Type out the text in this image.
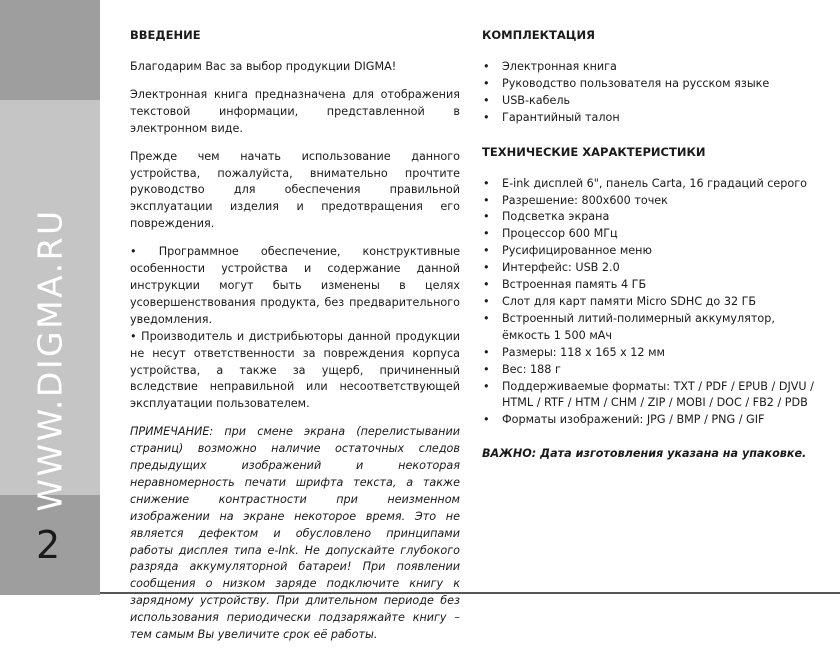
WWW.DIGMA.RU
2
ВВЕДЕНИЕ

Благодарим Вас за выбор продукции DIGMA!

Электронная книга предназначена для отображения текстовой информации, представленной в электронном виде.

Прежде чем начать использование данного устройства, пожалуйста, внимательно прочтите руководство для обеспечения правильной эксплуатации изделия и предотвращения его повреждения.

• Программное обеспечение, конструктивные особенности устройства и содержание данной инструкции могут быть изменены в целях усовершенствования продукта, без предварительного уведомления.

• Производитель и дистрибьюторы данной продукции не несут ответственности за повреждения корпуса устройства, а также за ущерб, причиненный вследствие неправильной или несоответствующей эксплуатации пользователем.

ПРИМЕЧАНИЕ: при смене экрана (перелистывании страниц) возможно наличие остаточных следов предыдущих изображений и некоторая неравномерность печати шрифта текста, а также снижение контрастности при неизменном изображении на экране некоторое время. Это не является дефектом и обусловлено принципами работы дисплея типа e-Ink. Не допускайте глубокого разряда аккумуляторной батареи! При появлении сообщения о низком заряде подключите книгу к зарядному устройству. При длительном периоде без использования периодически подзаряжайте книгу – тем самым Вы увеличите срок её работы.

КОМПЛЕКТАЦИЯ
• Электронная книга
• Руководство пользователя на русском языке
• USB-кабель
• Гарантийный талон
ТЕХНИЧЕСКИЕ ХАРАКТЕРИСТИКИ
• E-ink дисплей 6", панель Carta, 16 градаций серого
• Разрешение: 800x600 точек
• Подсветка экрана
• Процессор 600 МГц
• Русифицированное меню
• Интерфейс: USB 2.0
• Встроенная память 4 ГБ
• Слот для карт памяти Micro SDHC до 32 ГБ
• Встроенный литий-полимерный аккумулятор, ёмкость 1 500 мАч
• Размеры: 118 x 165 x 12 мм
• Вес: 188 г
• Поддерживаемые форматы: TXT / PDF / EPUB / DJVU / HTML / RTF / HTM / CHM / ZIP / MOBI / DOC / FB2 / PDB
• Форматы изображений: JPG / BMP / PNG / GIF

ВАЖНО: Дата изготовления указана на упаковке.
